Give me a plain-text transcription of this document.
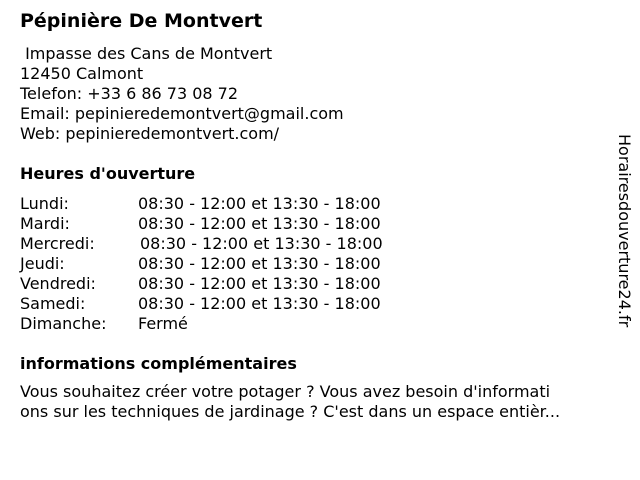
Pépinière De Montvert
Impasse des Cans de Montvert
12450 Calmont
Telefon: +33 6 86 73 08 72
Email: pepinieredemontvert@gmail.com
Web: pepinieredemontvert.com/
Heures d'ouverture
Lundi:	08:30 - 12:00 et 13:30 - 18:00
Mardi:	08:30 - 12:00 et 13:30 - 18:00
Mercredi:	08:30 - 12:00 et 13:30 - 18:00
Jeudi:	08:30 - 12:00 et 13:30 - 18:00
Vendredi:	08:30 - 12:00 et 13:30 - 18:00
Samedi:	08:30 - 12:00 et 13:30 - 18:00
Dimanche: Fermé
informations complémentaires
Vous souhaitez créer votre potager ? Vous avez besoin d'informati
ons sur les techniques de jardinage ? C'est dans un espace entièr...
Horairesdouverture24.fr
